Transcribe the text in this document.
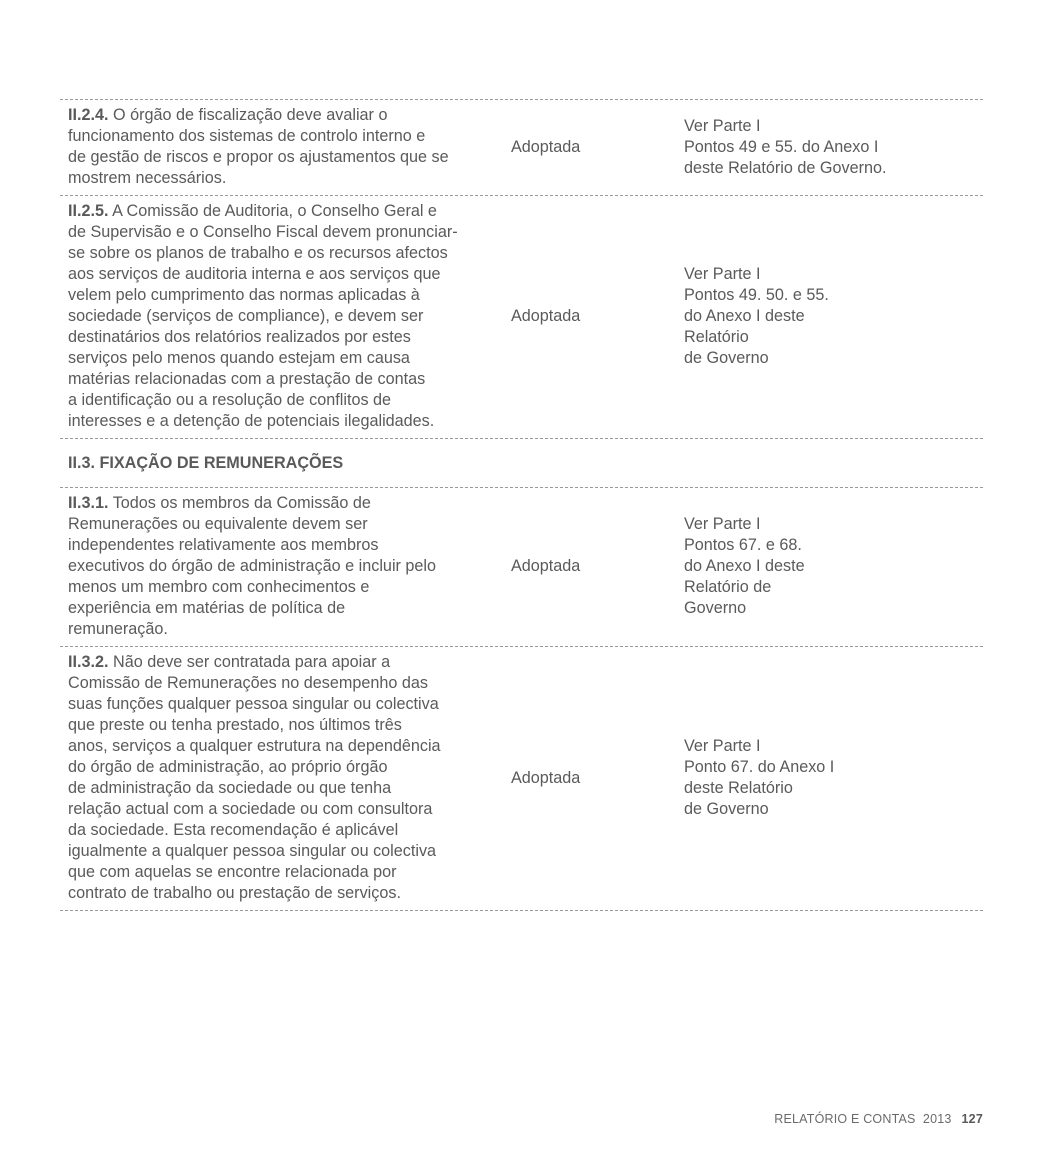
II.2.4. O órgão de fiscalização deve avaliar o
funcionamento dos sistemas de controlo interno e
de gestão de riscos e propor os ajustamentos que se
mostrem necessários.
Adoptada
Ver Parte I
Pontos 49 e 55. do Anexo I
deste Relatório de Governo.
II.2.5. A Comissão de Auditoria, o Conselho Geral e
de Supervisão e o Conselho Fiscal devem pronunciar-
se sobre os planos de trabalho e os recursos afectos
aos serviços de auditoria interna e aos serviços que
velem pelo cumprimento das normas aplicadas à
sociedade (serviços de compliance), e devem ser
destinatários dos relatórios realizados por estes
serviços pelo menos quando estejam em causa
matérias relacionadas com a prestação de contas
a identificação ou a resolução de conflitos de
interesses e a detenção de potenciais ilegalidades.
Adoptada
Ver Parte I
Pontos 49. 50. e 55.
do Anexo I deste
Relatório
de Governo
II.3. FIXAÇÃO DE REMUNERAÇÕES
II.3.1. Todos os membros da Comissão de
Remunerações ou equivalente devem ser
independentes relativamente aos membros
executivos do órgão de administração e incluir pelo
menos um membro com conhecimentos e
experiência em matérias de política de
remuneração.
Adoptada
Ver Parte I
Pontos 67. e 68.
do Anexo I deste
Relatório de
Governo
II.3.2. Não deve ser contratada para apoiar a
Comissão de Remunerações no desempenho das
suas funções qualquer pessoa singular ou colectiva
que preste ou tenha prestado, nos últimos três
anos, serviços a qualquer estrutura na dependência
do órgão de administração, ao próprio órgão
de administração da sociedade ou que tenha
relação actual com a sociedade ou com consultora
da sociedade. Esta recomendação é aplicável
igualmente a qualquer pessoa singular ou colectiva
que com aquelas se encontre relacionada por
contrato de trabalho ou prestação de serviços.
Adoptada
Ver Parte I
Ponto 67. do Anexo I
deste Relatório
de Governo
RELATÓRIO E CONTAS  2013 127
